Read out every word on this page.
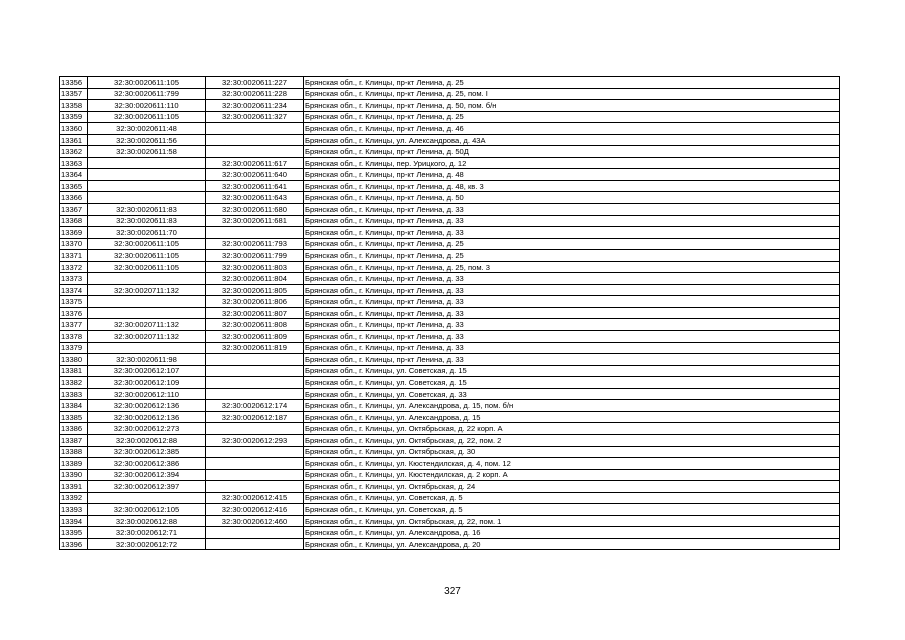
13356	32:30:0020611:105	32:30:0020611:227	Брянская обл., г. Клинцы, пр-кт Ленина, д. 25
13357	32:30:0020611:799	32:30:0020611:228	Брянская обл., г. Клинцы, пр-кт Ленина, д. 25, пом. I
13358	32:30:0020611:110	32:30:0020611:234	Брянская обл., г. Клинцы, пр-кт Ленина, д. 50, пом. б/н
13359	32:30:0020611:105	32:30:0020611:327	Брянская обл., г. Клинцы, пр-кт Ленина, д. 25
13360	32:30:0020611:48		Брянская обл., г. Клинцы, пр-кт Ленина, д. 46
13361	32:30:0020611:56		Брянская обл., г. Клинцы, ул. Александрова, д. 43А
13362	32:30:0020611:58		Брянская обл., г. Клинцы, пр-кт Ленина, д. 50Д
13363		32:30:0020611:617	Брянская обл., г. Клинцы, пер. Урицкого, д. 12
13364		32:30:0020611:640	Брянская обл., г. Клинцы, пр-кт Ленина, д. 48
13365		32:30:0020611:641	Брянская обл., г. Клинцы, пр-кт Ленина, д. 48, кв. 3
13366		32:30:0020611:643	Брянская обл., г. Клинцы, пр-кт Ленина, д. 50
13367	32:30:0020611:83	32:30:0020611:680	Брянская обл., г. Клинцы, пр-кт Ленина, д. 33
13368	32:30:0020611:83	32:30:0020611:681	Брянская обл., г. Клинцы, пр-кт Ленина, д. 33
13369	32:30:0020611:70		Брянская обл., г. Клинцы, пр-кт Ленина, д. 33
13370	32:30:0020611:105	32:30:0020611:793	Брянская обл., г. Клинцы, пр-кт Ленина, д. 25
13371	32:30:0020611:105	32:30:0020611:799	Брянская обл., г. Клинцы, пр-кт Ленина, д. 25
13372	32:30:0020611:105	32:30:0020611:803	Брянская обл., г. Клинцы, пр-кт Ленина, д. 25, пом. 3
13373		32:30:0020611:804	Брянская обл., г. Клинцы, пр-кт Ленина, д. 33
13374	32:30:0020711:132	32:30:0020611:805	Брянская обл., г. Клинцы, пр-кт Ленина, д. 33
13375		32:30:0020611:806	Брянская обл., г. Клинцы, пр-кт Ленина, д. 33
13376		32:30:0020611:807	Брянская обл., г. Клинцы, пр-кт Ленина, д. 33
13377	32:30:0020711:132	32:30:0020611:808	Брянская обл., г. Клинцы, пр-кт Ленина, д. 33
13378	32:30:0020711:132	32:30:0020611:809	Брянская обл., г. Клинцы, пр-кт Ленина, д. 33
13379		32:30:0020611:819	Брянская обл., г. Клинцы, пр-кт Ленина, д. 33
13380	32:30:0020611:98		Брянская обл., г. Клинцы, пр-кт Ленина, д. 33
13381	32:30:0020612:107		Брянская обл., г. Клинцы, ул. Советская, д. 15
13382	32:30:0020612:109		Брянская обл., г. Клинцы, ул. Советская, д. 15
13383	32:30:0020612:110		Брянская обл., г. Клинцы, ул. Советская, д. 33
13384	32:30:0020612:136	32:30:0020612:174	Брянская обл., г. Клинцы, ул. Александрова, д. 15, пом. б/н
13385	32:30:0020612:136	32:30:0020612:187	Брянская обл., г. Клинцы, ул. Александрова, д. 15
13386	32:30:0020612:273		Брянская обл., г. Клинцы, ул. Октябрьская, д. 22 корп. А
13387	32:30:0020612:88	32:30:0020612:293	Брянская обл., г. Клинцы, ул. Октябрьская, д. 22, пом. 2
13388	32:30:0020612:385		Брянская обл., г. Клинцы, ул. Октябрьская, д. 30
13389	32:30:0020612:386		Брянская обл., г. Клинцы, ул. Кюстендилская, д. 4, пом. 12
13390	32:30:0020612:394		Брянская обл., г. Клинцы, ул. Кюстендилская, д. 2 корп. А
13391	32:30:0020612:397		Брянская обл., г. Клинцы, ул. Октябрьская, д. 24
13392		32:30:0020612:415	Брянская обл., г. Клинцы, ул. Советская, д. 5
13393	32:30:0020612:105	32:30:0020612:416	Брянская обл., г. Клинцы, ул. Советская, д. 5
13394	32:30:0020612:88	32:30:0020612:460	Брянская обл., г. Клинцы, ул. Октябрьская, д. 22, пом. 1
13395	32:30:0020612:71		Брянская обл., г. Клинцы, ул. Александрова, д. 16
13396	32:30:0020612:72		Брянская обл., г. Клинцы, ул. Александрова, д. 20
327
